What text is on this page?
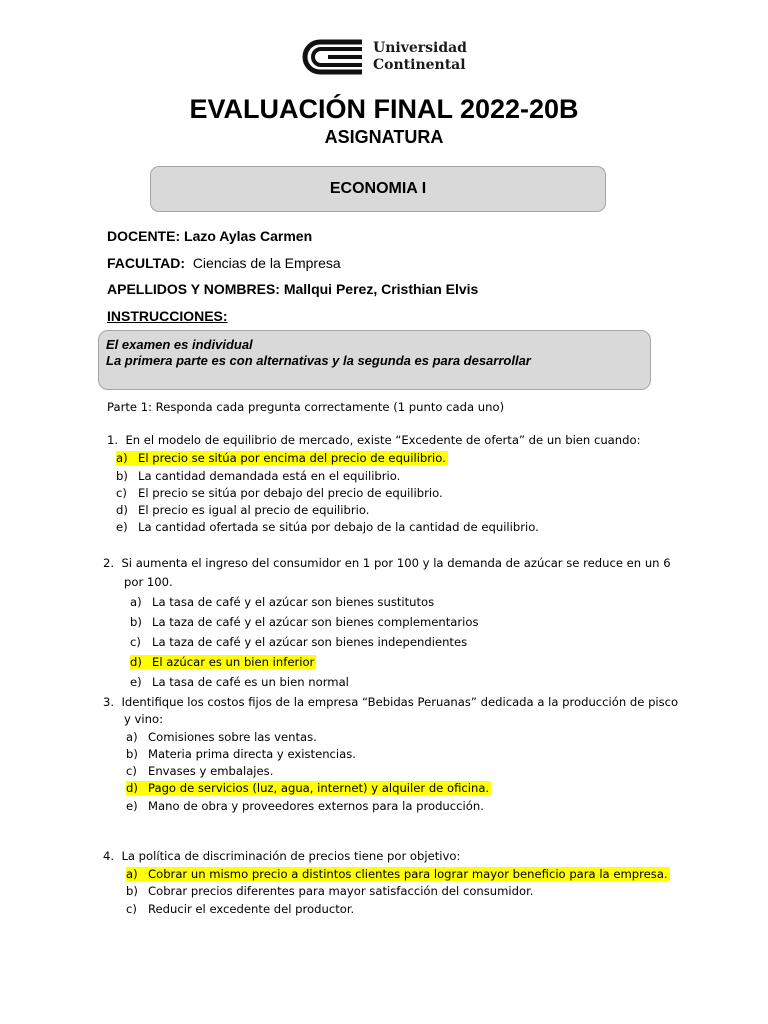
Universidad
Continental
EVALUACIÓN FINAL 2022-20B
ASIGNATURA
ECONOMIA I
DOCENTE: Lazo Aylas Carmen
FACULTAD: Ciencias de la Empresa
APELLIDOS Y NOMBRES: Mallqui Perez, Cristhian Elvis
INSTRUCCIONES:
El examen es individual
La primera parte es con alternativas y la segunda es para desarrollar
Parte 1: Responda cada pregunta correctamente (1 punto cada uno)
1. En el modelo de equilibrio de mercado, existe “Excedente de oferta” de un bien cuando:
a) El precio se sitúa por encima del precio de equilibrio.
b) La cantidad demandada está en el equilibrio.
c) El precio se sitúa por debajo del precio de equilibrio.
d) El precio es igual al precio de equilibrio.
e) La cantidad ofertada se sitúa por debajo de la cantidad de equilibrio.
2. Si aumenta el ingreso del consumidor en 1 por 100 y la demanda de azúcar se reduce en un 6
por 100.
a) La tasa de café y el azúcar son bienes sustitutos
b) La taza de café y el azúcar son bienes complementarios
c) La taza de café y el azúcar son bienes independientes
d) El azúcar es un bien inferior
e) La tasa de café es un bien normal
3. Identifique los costos fijos de la empresa “Bebidas Peruanas” dedicada a la producción de pisco
y vino:
a) Comisiones sobre las ventas.
b) Materia prima directa y existencias.
c) Envases y embalajes.
d) Pago de servicios (luz, agua, internet) y alquiler de oficina.
e) Mano de obra y proveedores externos para la producción.
4. La política de discriminación de precios tiene por objetivo:
a) Cobrar un mismo precio a distintos clientes para lograr mayor beneficio para la empresa.
b) Cobrar precios diferentes para mayor satisfacción del consumidor.
c) Reducir el excedente del productor.
